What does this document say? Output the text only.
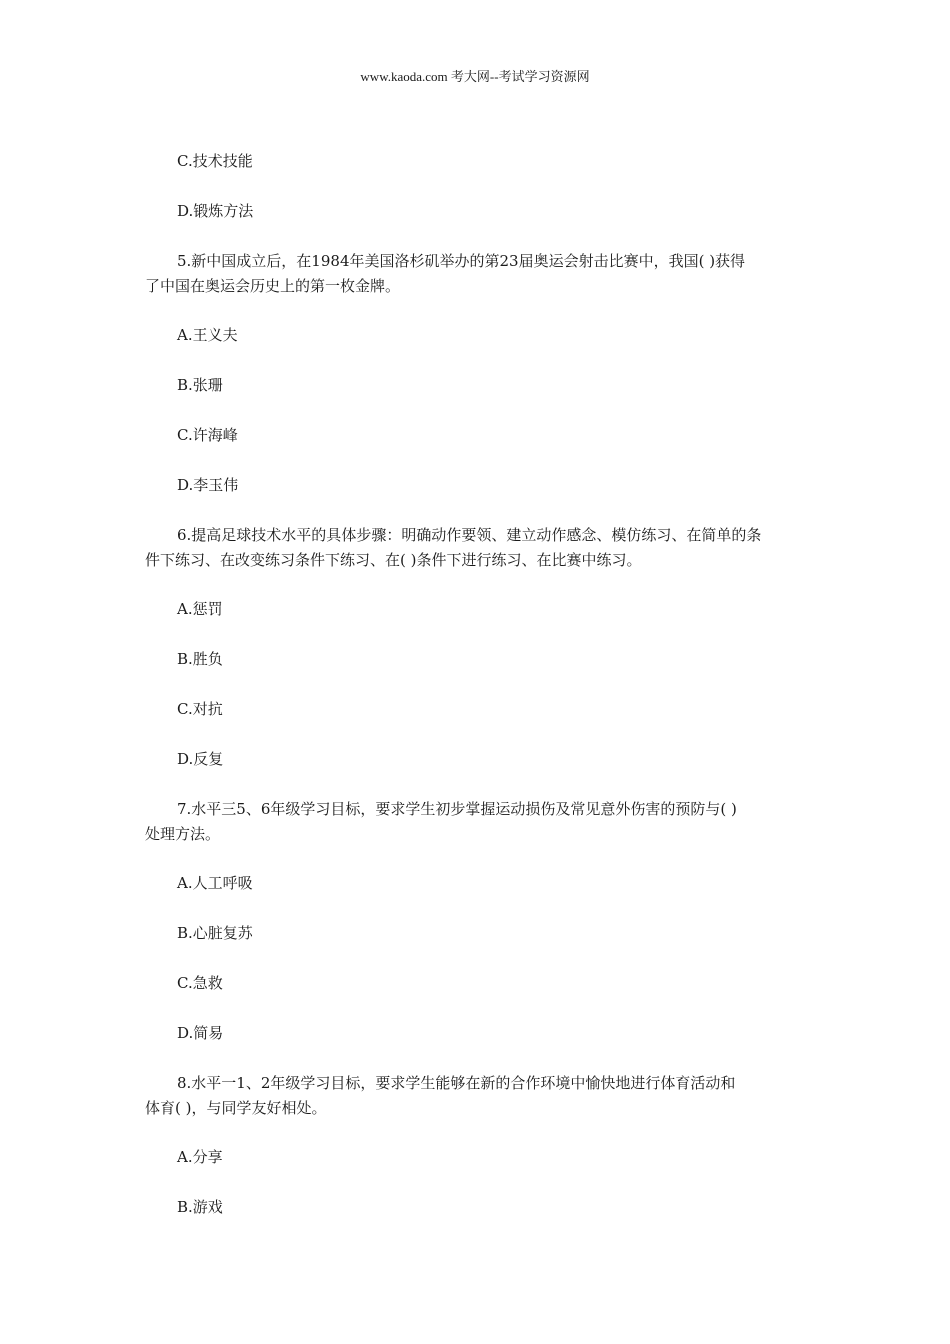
www.kaoda.com 考大网--考试学习资源网
C.技术技能
D.锻炼方法
5.新中国成立后，在1984年美国洛杉矶举办的第23届奥运会射击比赛中，我国( )获得
了中国在奥运会历史上的第一枚金牌。
A.王义夫
B.张珊
C.许海峰
D.李玉伟
6.提高足球技术水平的具体步骤：明确动作要领、建立动作感念、模仿练习、在简单的条
件下练习、在改变练习条件下练习、在( )条件下进行练习、在比赛中练习。
A.惩罚
B.胜负
C.对抗
D.反复
7.水平三5、6年级学习目标，要求学生初步掌握运动损伤及常见意外伤害的预防与( )
处理方法。
A.人工呼吸
B.心脏复苏
C.急救
D.简易
8.水平一1、2年级学习目标，要求学生能够在新的合作环境中愉快地进行体育活动和
体育( )，与同学友好相处。
A.分享
B.游戏
